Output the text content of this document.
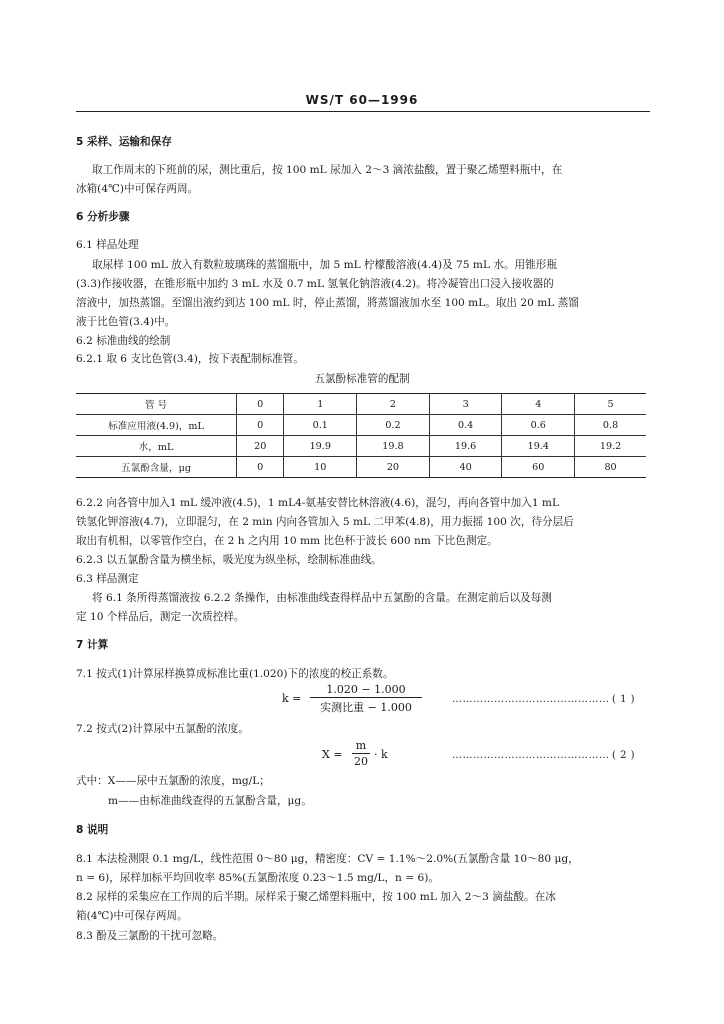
WS/T 60—1996
5 采样、运输和保存
取工作周末的下班前的尿，测比重后，按 100 mL 尿加入 2～3 滴浓盐酸，置于聚乙烯塑料瓶中，在
冰箱(4℃)中可保存两周。
6 分析步骤
6.1 样品处理
取尿样 100 mL 放入有数粒玻璃珠的蒸馏瓶中，加 5 mL 柠檬酸溶液(4.4)及 75 mL 水。用锥形瓶
(3.3)作接收器，在锥形瓶中加约 3 mL 水及 0.7 mL 氢氧化钠溶液(4.2)。将冷凝管出口浸入接收器的
溶液中，加热蒸馏。至馏出液约到达 100 mL 时，停止蒸馏，將蒸馏液加水至 100 mL。取出 20 mL 蒸馏
液于比色管(3.4)中。
6.2 标准曲线的绘制
6.2.1 取 6 支比色管(3.4)，按下表配制标准管。
五氯酚标准管的配制
管 号	0	1	2	3	4	5
标准应用液(4.9)，mL	0	0.1	0.2	0.4	0.6	0.8
水，mL	20	19.9	19.8	19.6	19.4	19.2
五氯酚含量，μg	0	10	20	40	60	80
6.2.2 向各管中加入1 mL 缓冲液(4.5)，1 mL4-氨基安替比林溶液(4.6)，混匀，再向各管中加入1 mL
铁氢化钾溶液(4.7)，立即混匀，在 2 min 内向各管加入 5 mL 二甲苯(4.8)，用力振摇 100 次，待分层后
取出有机相，以零管作空白，在 2 h 之内用 10 mm 比色杯于波长 600 nm 下比色测定。
6.2.3 以五氯酚含量为横坐标，吸光度为纵坐标，绘制标准曲线。
6.3 样品测定
将 6.1 条所得蒸馏液按 6.2.2 条操作，由标准曲线查得样品中五氯酚的含量。在测定前后以及每测
定 10 个样品后，测定一次质控样。
7 计算
7.1 按式(1)计算尿样换算成标准比重(1.020)下的浓度的校正系数。
k =
1.020 − 1.000
实测比重 − 1.000
……………………………………… ( 1 )
7.2 按式(2)计算尿中五氯酚的浓度。
X =
m
20
· k	……………………………………… ( 2 )
式中：X——尿中五氯酚的浓度，mg/L；
m——由标准曲线查得的五氯酚含量，μg。
8 说明
8.1 本法检测限 0.1 mg/L，线性范围 0～80 μg，精密度：CV = 1.1%～2.0%(五氯酚含量 10～80 μg，
n = 6)，尿样加标平均回收率 85%(五氯酚浓度 0.23～1.5 mg/L，n = 6)。
8.2 尿样的采集应在工作周的后半期。尿样采于聚乙烯塑料瓶中，按 100 mL 加入 2～3 滴盐酸。在冰
箱(4℃)中可保存两周。
8.3 酚及三氯酚的干扰可忽略。
